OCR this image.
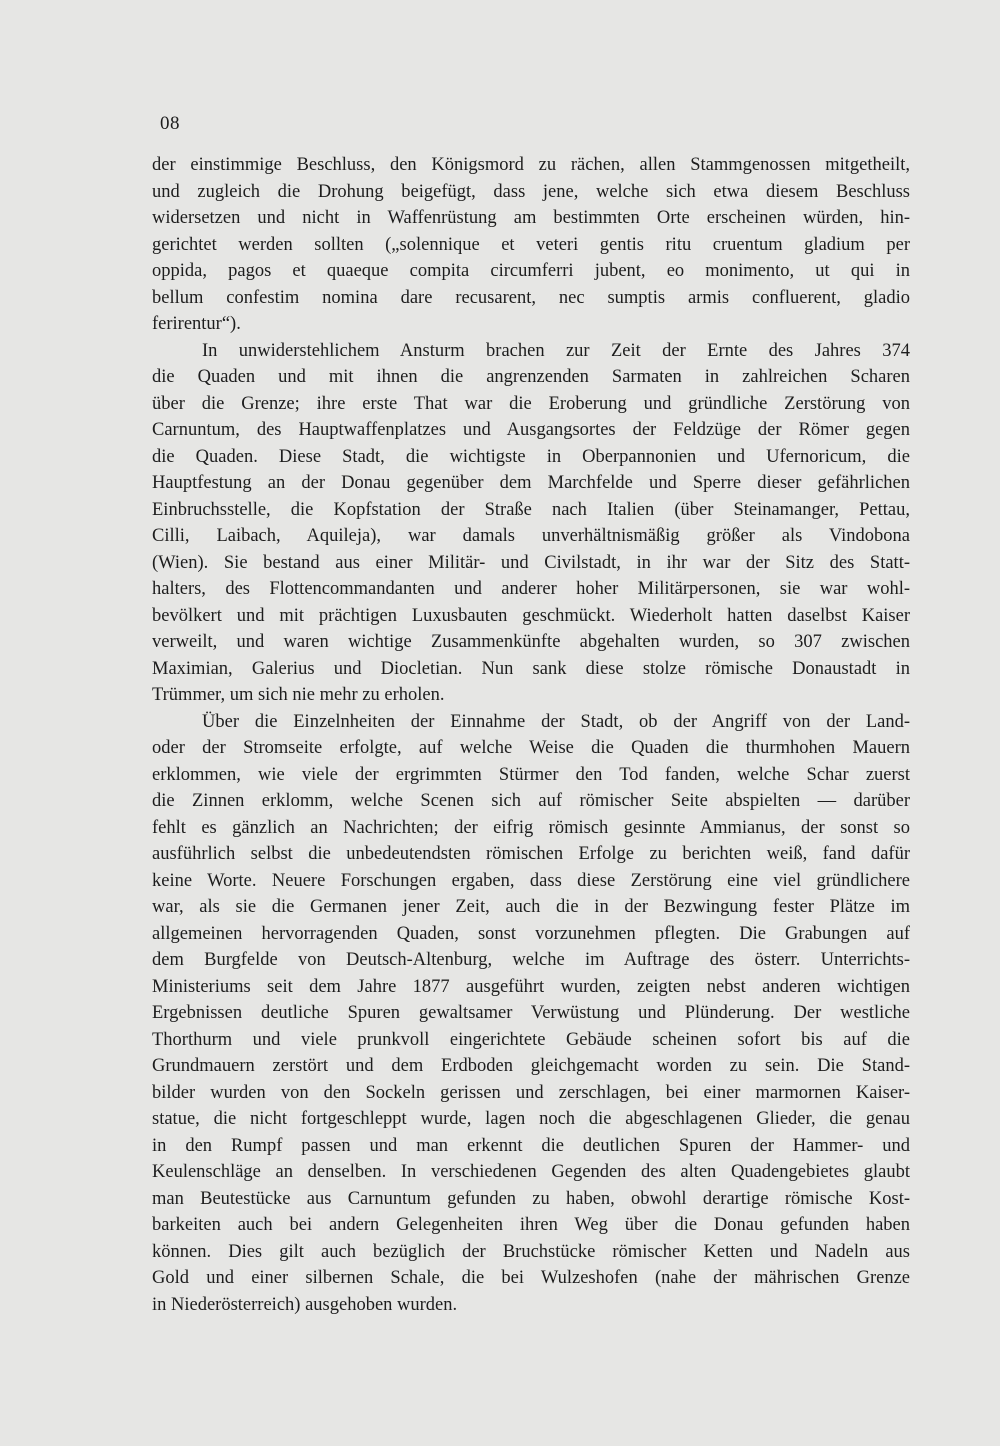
08
der einstimmige Beschluss, den Königsmord zu rächen, allen Stammgenossen mitgetheilt,
und zugleich die Drohung beigefügt, dass jene, welche sich etwa diesem Beschluss
widersetzen und nicht in Waffenrüstung am bestimmten Orte erscheinen würden, hin-
gerichtet werden sollten („solennique et veteri gentis ritu cruentum gladium per
oppida, pagos et quaeque compita circumferri jubent, eo monimento, ut qui in
bellum confestim nomina dare recusarent, nec sumptis armis confluerent, gladio
ferirentur“).
In unwiderstehlichem Ansturm brachen zur Zeit der Ernte des Jahres 374
die Quaden und mit ihnen die angrenzenden Sarmaten in zahlreichen Scharen
über die Grenze; ihre erste That war die Eroberung und gründliche Zerstörung von
Carnuntum, des Hauptwaffenplatzes und Ausgangsortes der Feldzüge der Römer gegen
die Quaden. Diese Stadt, die wichtigste in Oberpannonien und Ufernoricum, die
Hauptfestung an der Donau gegenüber dem Marchfelde und Sperre dieser gefährlichen
Einbruchsstelle, die Kopfstation der Straße nach Italien (über Steinamanger, Pettau,
Cilli, Laibach, Aquileja), war damals unverhältnismäßig größer als Vindobona
(Wien). Sie bestand aus einer Militär- und Civilstadt, in ihr war der Sitz des Statt-
halters, des Flottencommandanten und anderer hoher Militärpersonen, sie war wohl-
bevölkert und mit prächtigen Luxusbauten geschmückt. Wiederholt hatten daselbst Kaiser
verweilt, und waren wichtige Zusammenkünfte abgehalten wurden, so 307 zwischen
Maximian, Galerius und Diocletian. Nun sank diese stolze römische Donaustadt in
Trümmer, um sich nie mehr zu erholen.
Über die Einzelnheiten der Einnahme der Stadt, ob der Angriff von der Land-
oder der Stromseite erfolgte, auf welche Weise die Quaden die thurmhohen Mauern
erklommen, wie viele der ergrimmten Stürmer den Tod fanden, welche Schar zuerst
die Zinnen erklomm, welche Scenen sich auf römischer Seite abspielten — darüber
fehlt es gänzlich an Nachrichten; der eifrig römisch gesinnte Ammianus, der sonst so
ausführlich selbst die unbedeutendsten römischen Erfolge zu berichten weiß, fand dafür
keine Worte. Neuere Forschungen ergaben, dass diese Zerstörung eine viel gründlichere
war, als sie die Germanen jener Zeit, auch die in der Bezwingung fester Plätze im
allgemeinen hervorragenden Quaden, sonst vorzunehmen pflegten. Die Grabungen auf
dem Burgfelde von Deutsch-Altenburg, welche im Auftrage des österr. Unterrichts-
Ministeriums seit dem Jahre 1877 ausgeführt wurden, zeigten nebst anderen wichtigen
Ergebnissen deutliche Spuren gewaltsamer Verwüstung und Plünderung. Der westliche
Thorthurm und viele prunkvoll eingerichtete Gebäude scheinen sofort bis auf die
Grundmauern zerstört und dem Erdboden gleichgemacht worden zu sein. Die Stand-
bilder wurden von den Sockeln gerissen und zerschlagen, bei einer marmornen Kaiser-
statue, die nicht fortgeschleppt wurde, lagen noch die abgeschlagenen Glieder, die genau
in den Rumpf passen und man erkennt die deutlichen Spuren der Hammer- und
Keulenschläge an denselben. In verschiedenen Gegenden des alten Quadengebietes glaubt
man Beutestücke aus Carnuntum gefunden zu haben, obwohl derartige römische Kost-
barkeiten auch bei andern Gelegenheiten ihren Weg über die Donau gefunden haben
können. Dies gilt auch bezüglich der Bruchstücke römischer Ketten und Nadeln aus
Gold und einer silbernen Schale, die bei Wulzeshofen (nahe der mährischen Grenze
in Niederösterreich) ausgehoben wurden.
